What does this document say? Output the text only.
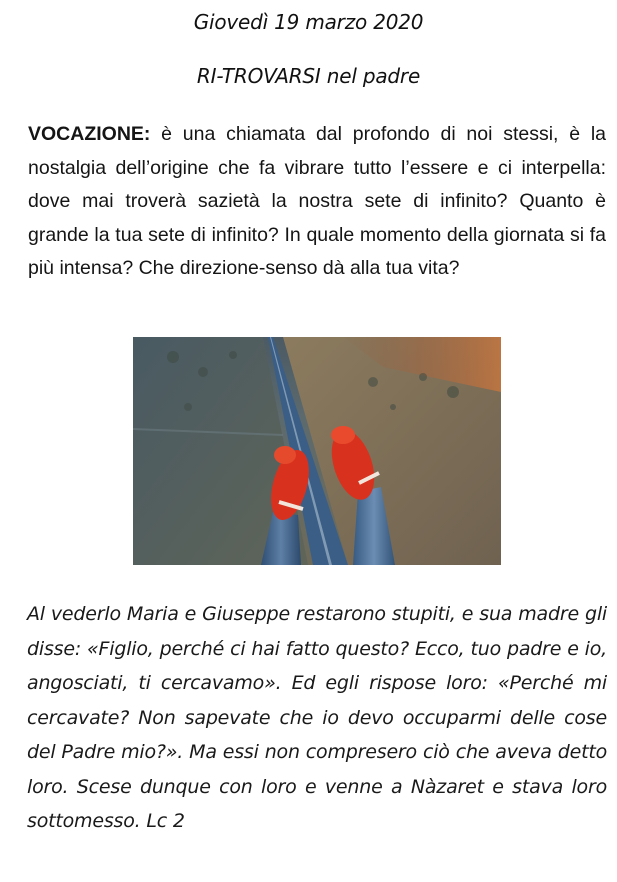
Giovedì 19 marzo 2020
RI-TROVARSI nel padre
VOCAZIONE: è una chiamata dal profondo di noi stessi, è la nostalgia dell’origine che fa vibrare tutto l’essere e ci interpella: dove mai troverà sazietà la nostra sete di infinito? Quanto è grande la tua sete di infinito? In quale momento della giornata si fa più intensa? Che direzione-senso dà alla tua vita?
Al vederlo Maria e Giuseppe restarono stupiti, e sua madre gli disse: «Figlio, perché ci hai fatto questo? Ecco, tuo padre e io, angosciati, ti cercavamo». Ed egli rispose loro: «Perché mi cercavate? Non sapevate che io devo occuparmi delle cose del Padre mio?». Ma essi non compresero ciò che aveva detto loro. Scese dunque con loro e venne a Nàzaret e stava loro sottomesso. Lc 2
